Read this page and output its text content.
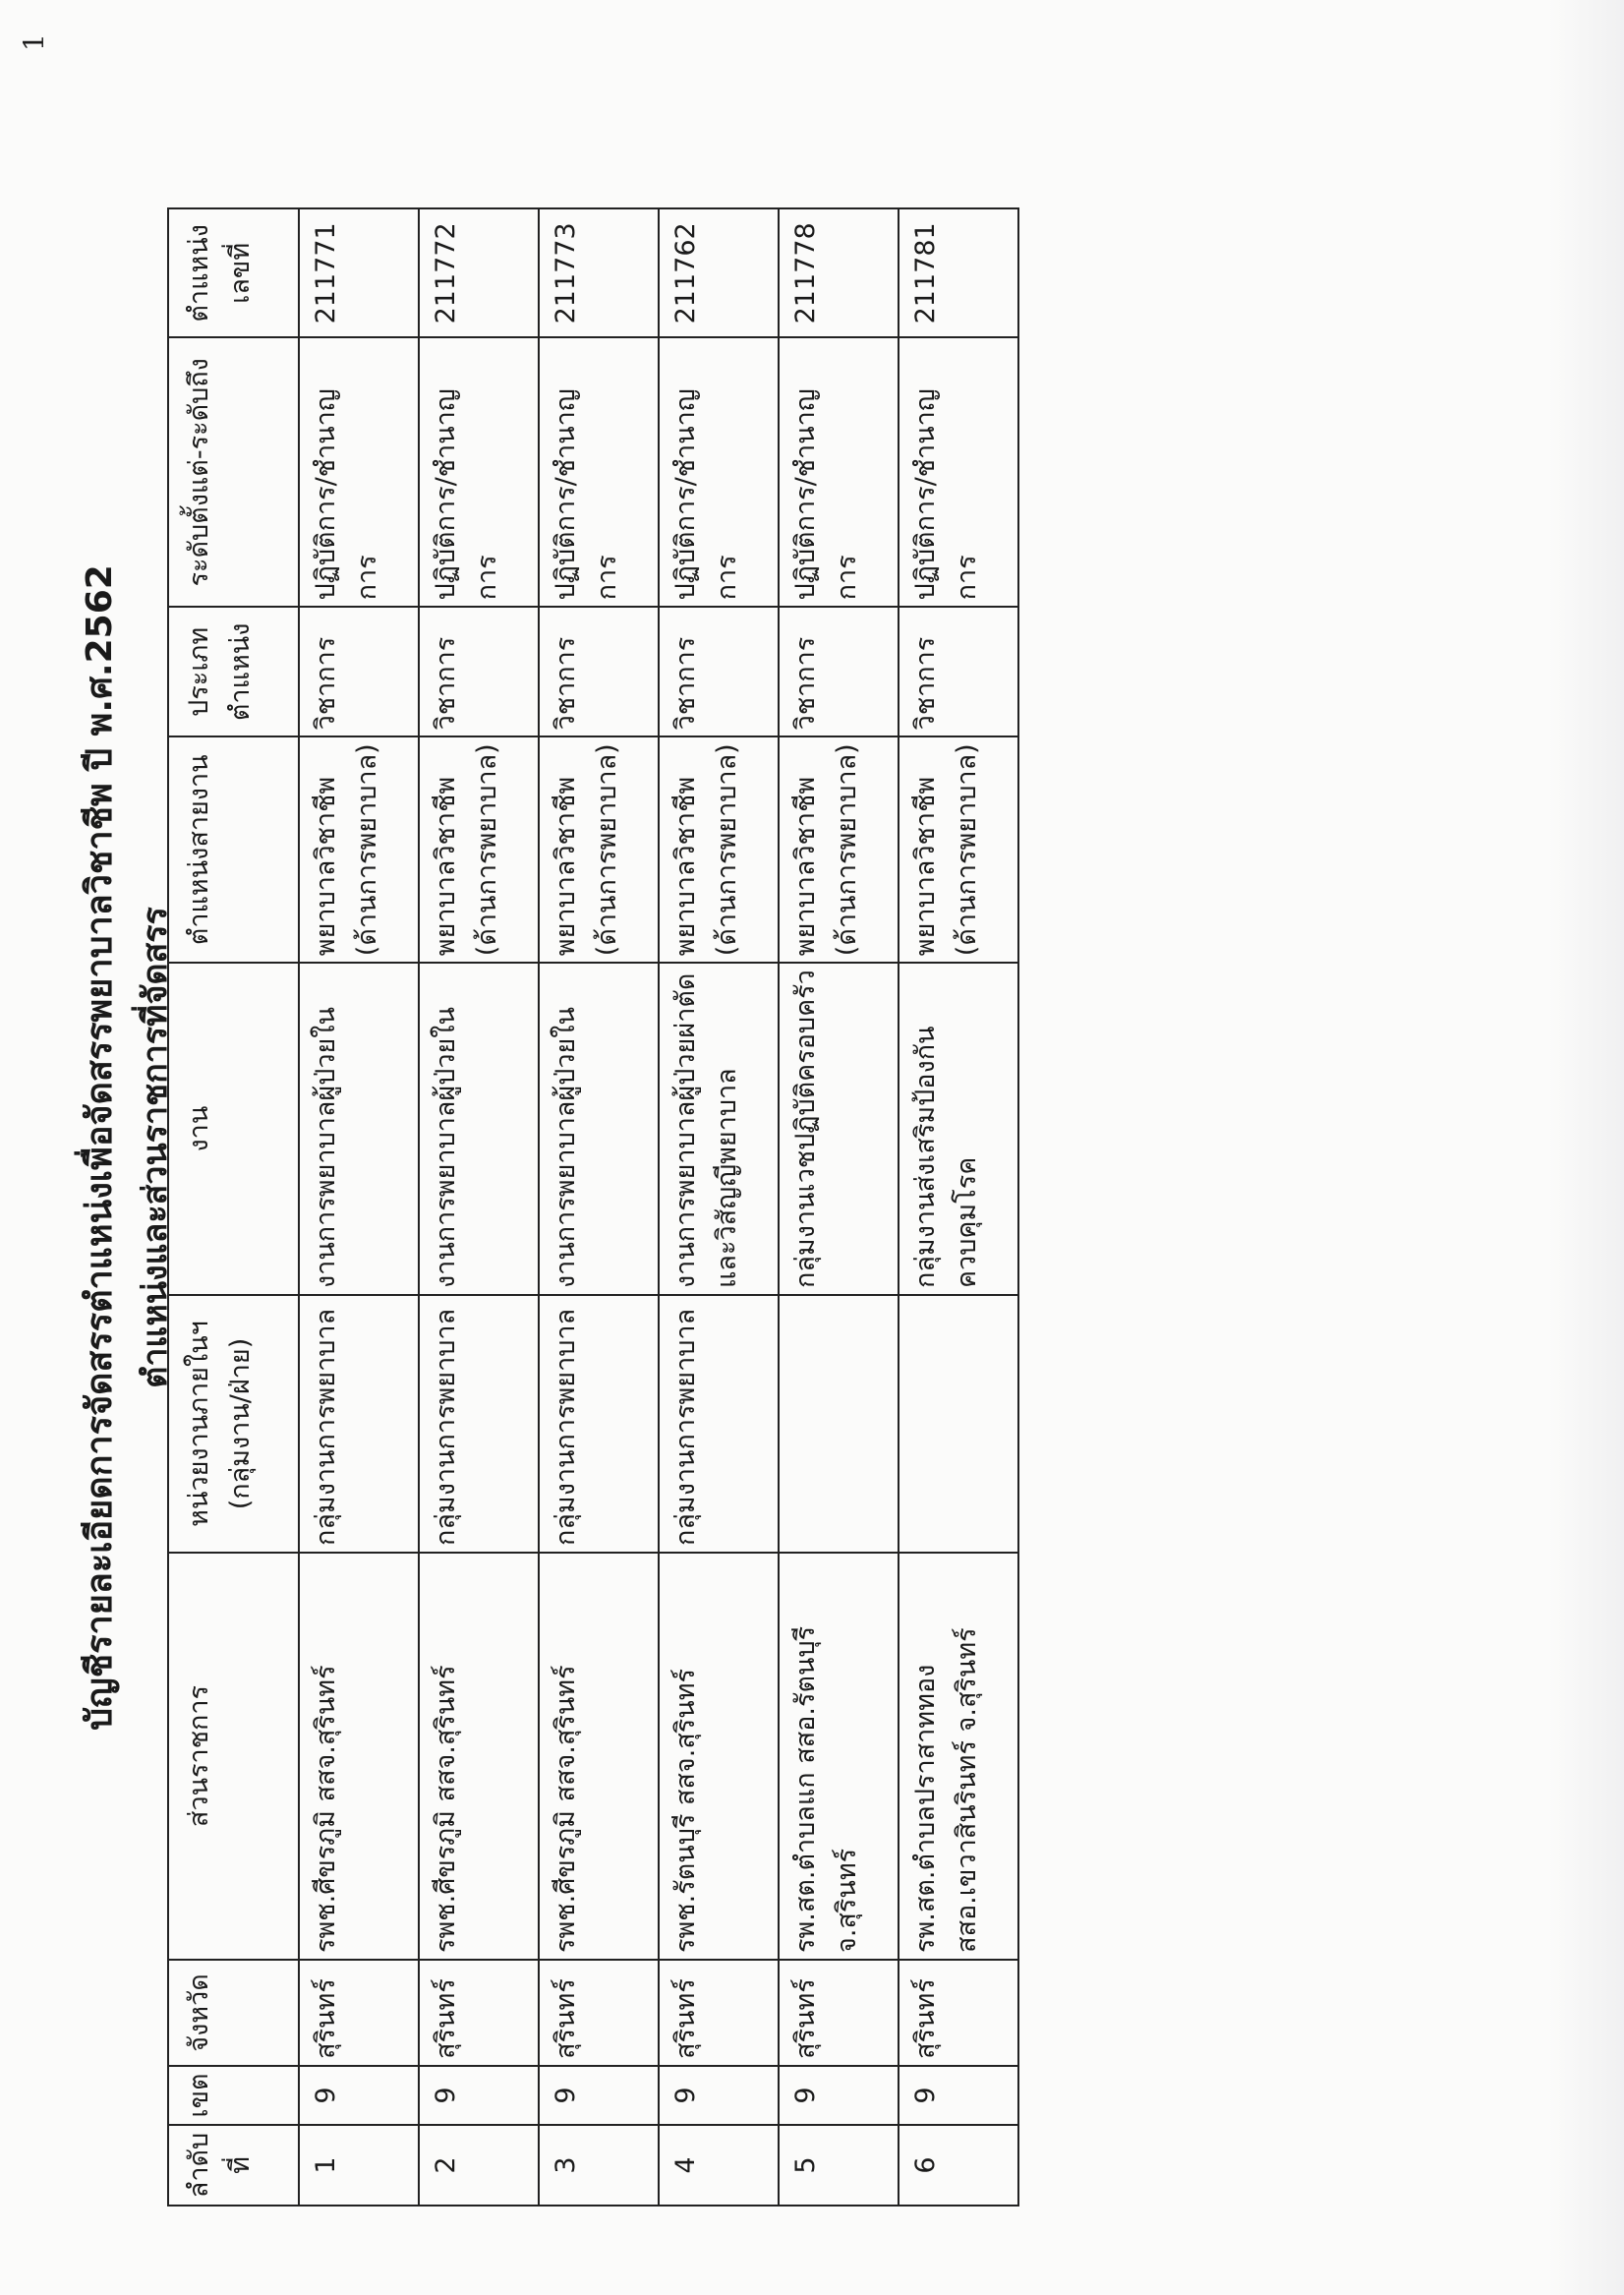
1
บัญชีรายละเอียดการจัดสรรตำแหน่งเพื่อจัดสรรพยาบาลวิชาชีพ ปี พ.ศ.2562 ตำแหน่งและส่วนราชการที่จัดสรร
ลำดับที่	เขต	จังหวัด	ส่วนราชการ	หน่วยงานภายในฯ (กลุ่มงาน/ฝ่าย)	งาน	ตำแหน่งสายงาน	ประเภท ตำแหน่ง	ระดับตั้งแต่-ระดับถึง	ตำแหน่ง เลขที่

1	9	สุรินทร์	รพช.ศีขรภูมิ สสจ.สุรินทร์	กลุ่มงานการพยาบาล	งานการพยาบาลผู้ป่วยใน	พยาบาลวิชาชีพ (ด้านการพยาบาล)	วิชาการ	ปฏิบัติการ/ชำนาญการ	211771
2	9	สุรินทร์	รพช.ศีขรภูมิ สสจ.สุรินทร์	กลุ่มงานการพยาบาล	งานการพยาบาลผู้ป่วยใน	พยาบาลวิชาชีพ (ด้านการพยาบาล)	วิชาการ	ปฏิบัติการ/ชำนาญการ	211772
3	9	สุรินทร์	รพช.ศีขรภูมิ สสจ.สุรินทร์	กลุ่มงานการพยาบาล	งานการพยาบาลผู้ป่วยใน	พยาบาลวิชาชีพ (ด้านการพยาบาล)	วิชาการ	ปฏิบัติการ/ชำนาญการ	211773
4	9	สุรินทร์	รพช.รัตนบุรี สสจ.สุรินทร์	กลุ่มงานการพยาบาล	งานการพยาบาลผู้ป่วยผ่าตัด และวิสัญญีพยาบาล	พยาบาลวิชาชีพ (ด้านการพยาบาล)	วิชาการ	ปฏิบัติการ/ชำนาญการ	211762
5	9	สุรินทร์	รพ.สต.ตำบลแก สสอ.รัตนบุรี จ.สุรินทร์		กลุ่มงานเวชปฏิบัติครอบครัว	พยาบาลวิชาชีพ (ด้านการพยาบาล)	วิชาการ	ปฏิบัติการ/ชำนาญการ	211778
6	9	สุรินทร์	รพ.สต.ตำบลปราสาททอง สสอ.เขวาสินรินทร์ จ.สุรินทร์		กลุ่มงานส่งเสริมป้องกัน ควบคุมโรค	พยาบาลวิชาชีพ (ด้านการพยาบาล)	วิชาการ	ปฏิบัติการ/ชำนาญการ	211781
